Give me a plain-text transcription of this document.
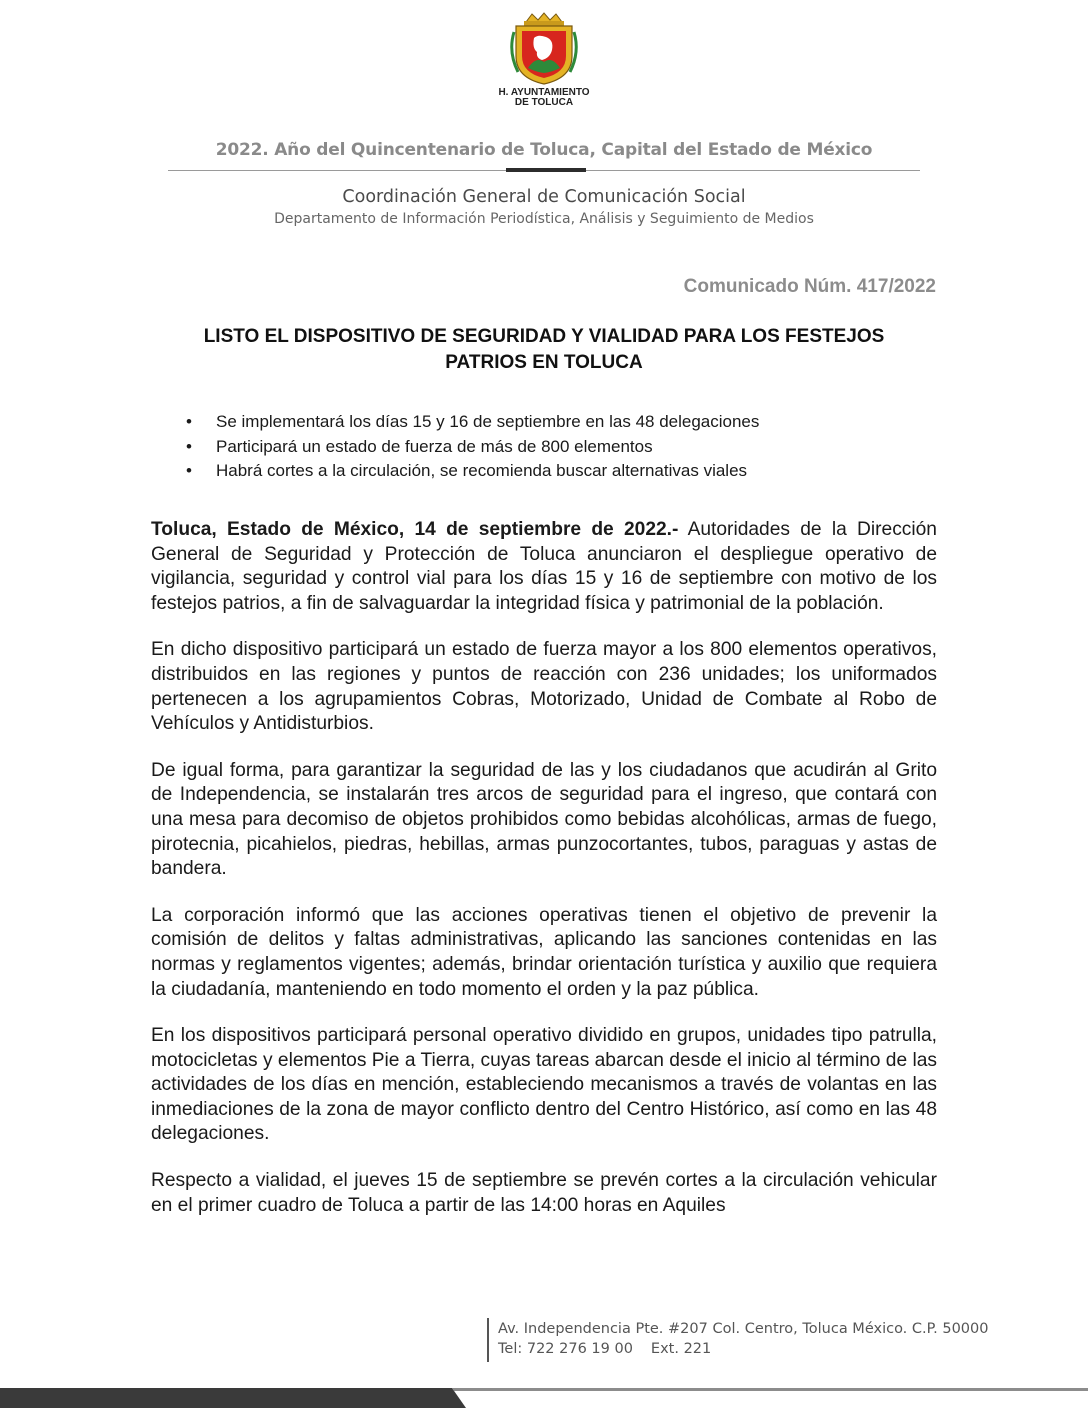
H. AYUNTAMIENTO
DE TOLUCA
2022. Año del Quincentenario de Toluca, Capital del Estado de México
Coordinación General de Comunicación Social
Departamento de Información Periodística, Análisis y Seguimiento de Medios
Comunicado Núm. 417/2022
LISTO EL DISPOSITIVO DE SEGURIDAD Y VIALIDAD PARA LOS FESTEJOS
PATRIOS EN TOLUCA
• Se implementará los días 15 y 16 de septiembre en las 48 delegaciones
• Participará un estado de fuerza de más de 800 elementos
• Habrá cortes a la circulación, se recomienda buscar alternativas viales

Toluca, Estado de México, 14 de septiembre de 2022.- Autoridades de la Dirección General de Seguridad y Protección de Toluca anunciaron el despliegue operativo de vigilancia, seguridad y control vial para los días 15 y 16 de septiembre con motivo de los festejos patrios, a fin de salvaguardar la integridad física y patrimonial de la población.

En dicho dispositivo participará un estado de fuerza mayor a los 800 elementos operativos, distribuidos en las regiones y puntos de reacción con 236 unidades; los uniformados pertenecen a los agrupamientos Cobras, Motorizado, Unidad de Combate al Robo de Vehículos y Antidisturbios.

De igual forma, para garantizar la seguridad de las y los ciudadanos que acudirán al Grito de Independencia, se instalarán tres arcos de seguridad para el ingreso, que contará con una mesa para decomiso de objetos prohibidos como bebidas alcohólicas, armas de fuego, pirotecnia, picahielos, piedras, hebillas, armas punzocortantes, tubos, paraguas y astas de bandera.

La corporación informó que las acciones operativas tienen el objetivo de prevenir la comisión de delitos y faltas administrativas, aplicando las sanciones contenidas en las normas y reglamentos vigentes; además, brindar orientación turística y auxilio que requiera la ciudadanía, manteniendo en todo momento el orden y la paz pública.

En los dispositivos participará personal operativo dividido en grupos, unidades tipo patrulla, motocicletas y elementos Pie a Tierra, cuyas tareas abarcan desde el inicio al término de las actividades de los días en mención, estableciendo mecanismos a través de volantas en las inmediaciones de la zona de mayor conflicto dentro del Centro Histórico, así como en las 48 delegaciones.

Respecto a vialidad, el jueves 15 de septiembre se prevén cortes a la circulación vehicular en el primer cuadro de Toluca a partir de las 14:00 horas en Aquiles

Av. Independencia Pte. #207 Col. Centro, Toluca México. C.P. 50000
Tel: 722 276 19 00 Ext. 221
